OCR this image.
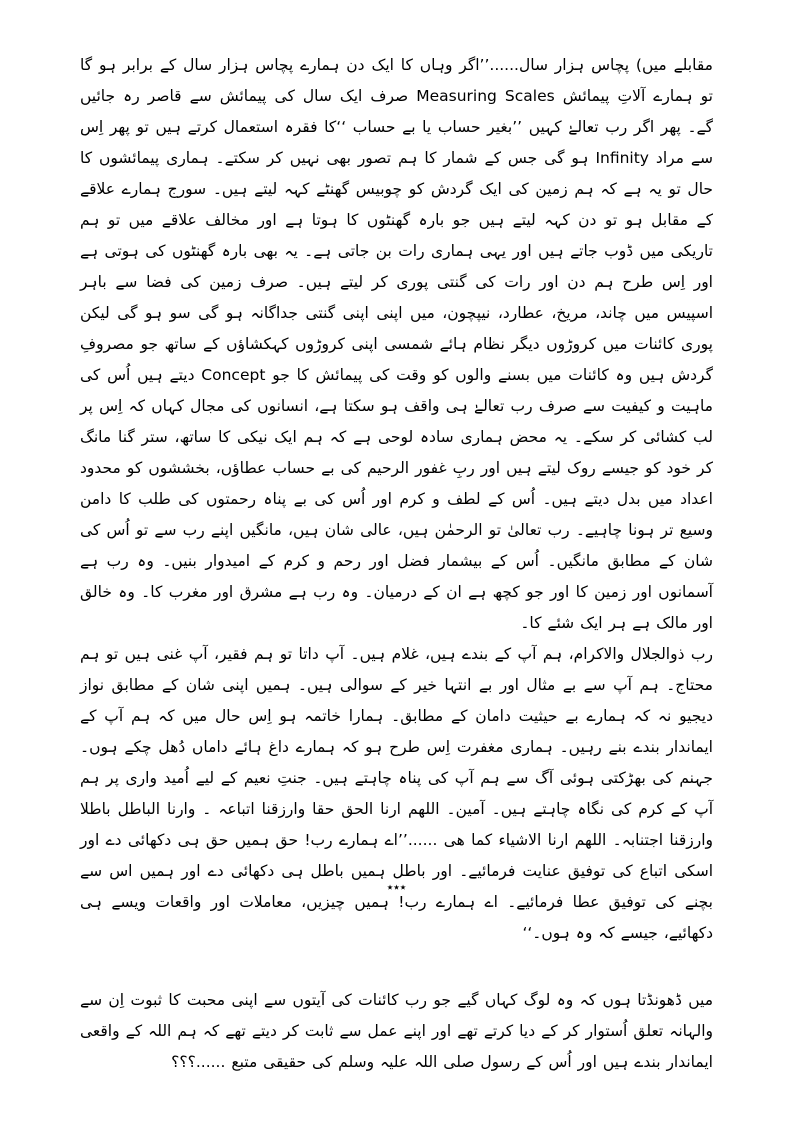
مقابلے میں) پچاس ہزار سال......’’اگر وہاں کا ایک دن ہمارے پچاس ہزار سال کے برابر ہو گا تو ہمارے آلاتِ پیمائش Measuring Scales صرف ایک سال کی پیمائش سے قاصر رہ جائیں گے۔ پھر اگر رب تعالےٰ کہیں ’’بغیر حساب یا بے حساب ‘‘کا فقرہ استعمال کرتے ہیں تو پھر اِس سے مراد Infinity ہو گی جس کے شمار کا ہم تصور بھی نہیں کر سکتے۔ ہماری پیمائشوں کا حال تو یہ ہے کہ ہم زمین کی ایک گردش کو چوبیس گھنٹے کہہ لیتے ہیں۔ سورج ہمارے علاقے کے مقابل ہو تو دن کہہ لیتے ہیں جو بارہ گھنٹوں کا ہوتا ہے اور مخالف علاقے میں تو ہم تاریکی میں ڈوب جاتے ہیں اور یہی ہماری رات بن جاتی ہے۔ یہ بھی بارہ گھنٹوں کی ہوتی ہے اور اِس طرح ہم دن اور رات کی گنتی پوری کر لیتے ہیں۔ صرف زمین کی فضا سے باہر اسپیس میں چاند، مریخ، عطارد، نیپچون، میں اپنی اپنی گنتی جداگانہ ہو گی سو ہو گی لیکن پوری کائنات میں کروڑوں دیگر نظام ہائے شمسی اپنی کروڑوں کہکشاؤں کے ساتھ جو مصروفِ گردش ہیں وہ کائنات میں بسنے والوں کو وقت کی پیمائش کا جو Concept دیتے ہیں اُس کی ماہیت و کیفیت سے صرف رب تعالےٰ ہی واقف ہو سکتا ہے، انسانوں کی مجال کہاں کہ اِس پر لب کشائی کر سکے۔ یہ محض ہماری سادہ لوحی ہے کہ ہم ایک نیکی کا ساتھ، ستر گنا مانگ کر خود کو جیسے روک لیتے ہیں اور ربِ غفور الرحیم کی بے حساب عطاؤں، بخششوں کو محدود اعداد میں بدل دیتے ہیں۔ اُس کے لطف و کرم اور اُس کی بے پناہ رحمتوں کی طلب کا دامن وسیع تر ہونا چاہیے۔ رب تعالیٰ تو الرحمٰن ہیں، عالی شان ہیں، مانگیں اپنے رب سے تو اُس کی شان کے مطابق مانگیں۔ اُس کے بیشمار فضل اور رحم و کرم کے امیدوار بنیں۔ وہ رب ہے آسمانوں اور زمین کا اور جو کچھ ہے ان کے درمیان۔ وہ رب ہے مشرق اور مغرب کا۔ وہ خالق اور مالک ہے ہر ایک شئے کا۔

رب ذوالجلال والاکرام، ہم آپ کے بندے ہیں، غلام ہیں۔ آپ داتا تو ہم فقیر، آپ غنی ہیں تو ہم محتاج۔ ہم آپ سے بے مثال اور بے انتہا خیر کے سوالی ہیں۔ ہمیں اپنی شان کے مطابق نواز دیجیو نہ کہ ہمارے بے حیثیت دامان کے مطابق۔ ہمارا خاتمہ ہو اِس حال میں کہ ہم آپ کے ایماندار بندے بنے رہیں۔ ہماری مغفرت اِس طرح ہو کہ ہمارے داغ ہائے داماں دُھل چکے ہوں۔ جہنم کی بھڑکتی ہوئی آگ سے ہم آپ کی پناہ چاہتے ہیں۔ جنتِ نعیم کے لیے اُمید واری پر ہم آپ کے کرم کی نگاہ چاہتے ہیں۔ آمین۔ اللھم ارنا الحق حقا وارزقنا اتباعہ ۔ وارنا الباطل باطلا وارزقنا اجتنابہ۔ اللھم ارنا الاشیاء کما ھی ......’’اے ہمارے رب! حق ہمیں حق ہی دکھائی دے اور اسکی اتباع کی توفیق عنایت فرمائیے۔ اور باطل ہمیں باطل ہی دکھائی دے اور ہمیں اس سے بچنے کی توفیق عطا فرمائیے۔ اے ہمارے رب! ہمیں چیزیں، معاملات اور واقعات ویسے ہی دکھائیے، جیسے کہ وہ ہوں۔‘‘

میں ڈھونڈتا ہوں کہ وہ لوگ کہاں گیے جو رب کائنات کی آیتوں سے اپنی محبت کا ثبوت اِن سے والہانہ تعلق اُستوار کر کے دیا کرتے تھے اور اپنے عمل سے ثابت کر دیتے تھے کہ ہم اللہ کے واقعی ایماندار بندے ہیں اور اُس کے رسول صلی اللہ علیہ وسلم کی حقیقی متبع ......؟؟؟

٭٭٭
